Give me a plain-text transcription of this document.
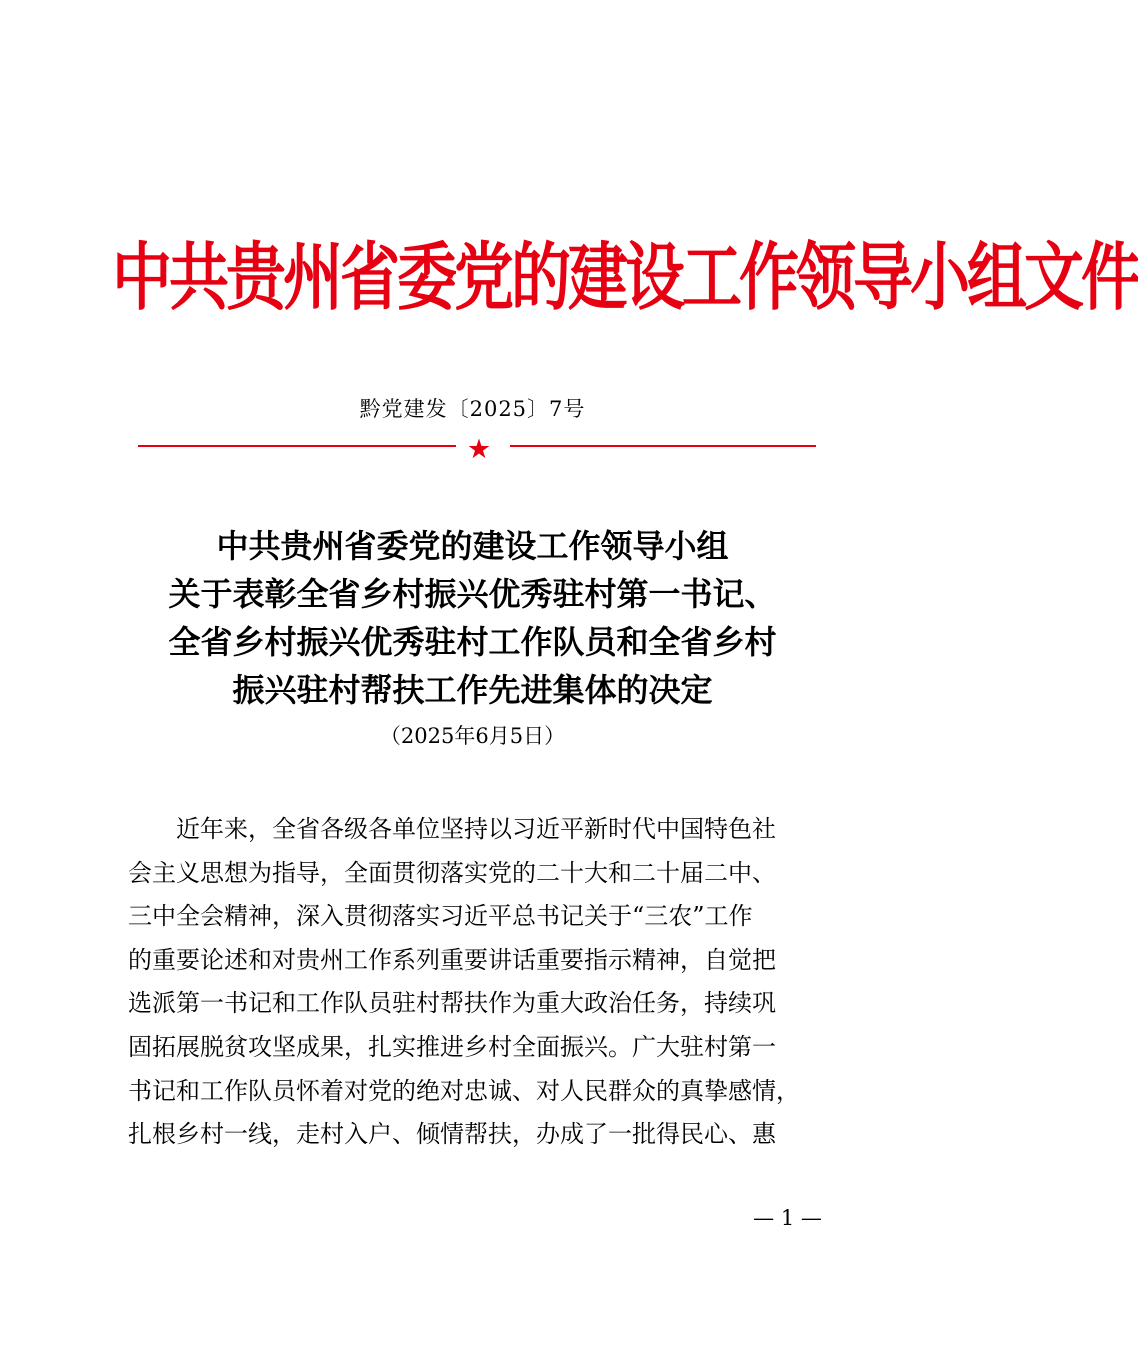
中共贵州省委党的建设工作领导小组文件
黔党建发〔2025〕7号
★
中共贵州省委党的建设工作领导小组
关于表彰全省乡村振兴优秀驻村第一书记、
全省乡村振兴优秀驻村工作队员和全省乡村
振兴驻村帮扶工作先进集体的决定
（2025年6月5日）
近年来，全省各级各单位坚持以习近平新时代中国特色社
会主义思想为指导，全面贯彻落实党的二十大和二十届二中、
三中全会精神，深入贯彻落实习近平总书记关于“三农”工作
的重要论述和对贵州工作系列重要讲话重要指示精神，自觉把
选派第一书记和工作队员驻村帮扶作为重大政治任务，持续巩
固拓展脱贫攻坚成果，扎实推进乡村全面振兴。广大驻村第一
书记和工作队员怀着对党的绝对忠诚、对人民群众的真挚感情，
扎根乡村一线，走村入户、倾情帮扶，办成了一批得民心、惠
— 1 —
